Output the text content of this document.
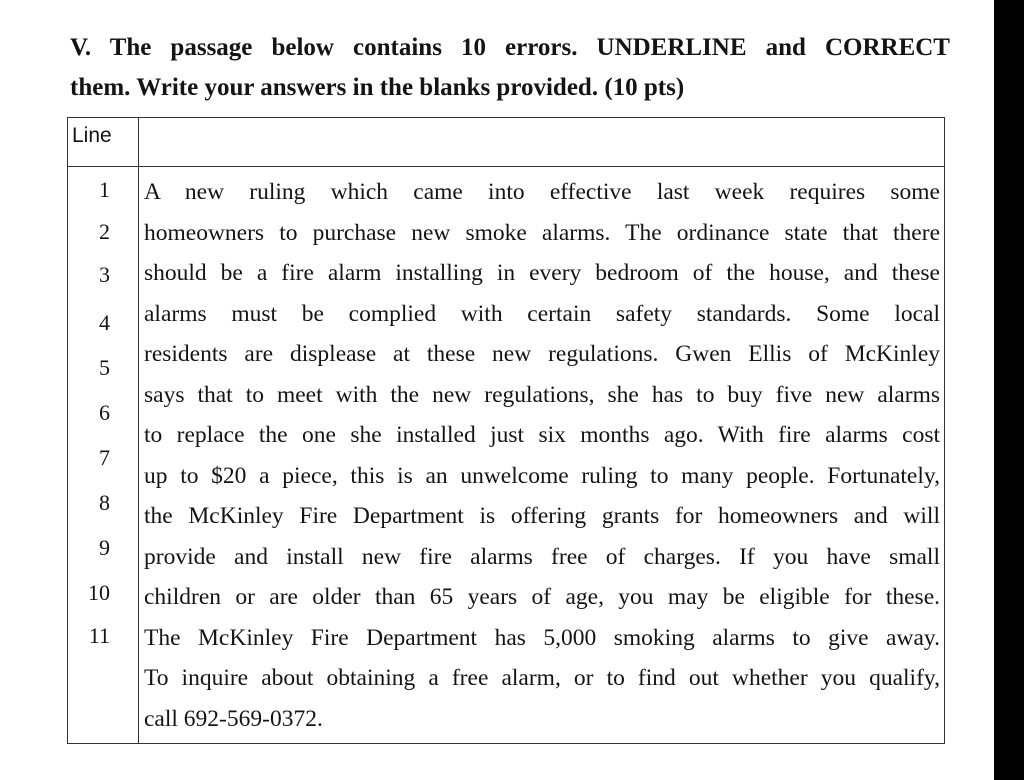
V. The passage below contains 10 errors. UNDERLINE and CORRECT
them. Write your answers in the blanks provided. (10 pts)
Line
1
2
3
4
5
6
7
8
9
10
11
A new ruling which came into effective last week requires some
homeowners to purchase new smoke alarms. The ordinance state that there
should be a fire alarm installing in every bedroom of the house, and these
alarms must be complied with certain safety standards. Some local
residents are displease at these new regulations. Gwen Ellis of McKinley
says that to meet with the new regulations, she has to buy five new alarms
to replace the one she installed just six months ago. With fire alarms cost
up to $20 a piece, this is an unwelcome ruling to many people. Fortunately,
the McKinley Fire Department is offering grants for homeowners and will
provide and install new fire alarms free of charges. If you have small
children or are older than 65 years of age, you may be eligible for these.
The McKinley Fire Department has 5,000 smoking alarms to give away.
To inquire about obtaining a free alarm, or to find out whether you qualify,
call 692-569-0372.
